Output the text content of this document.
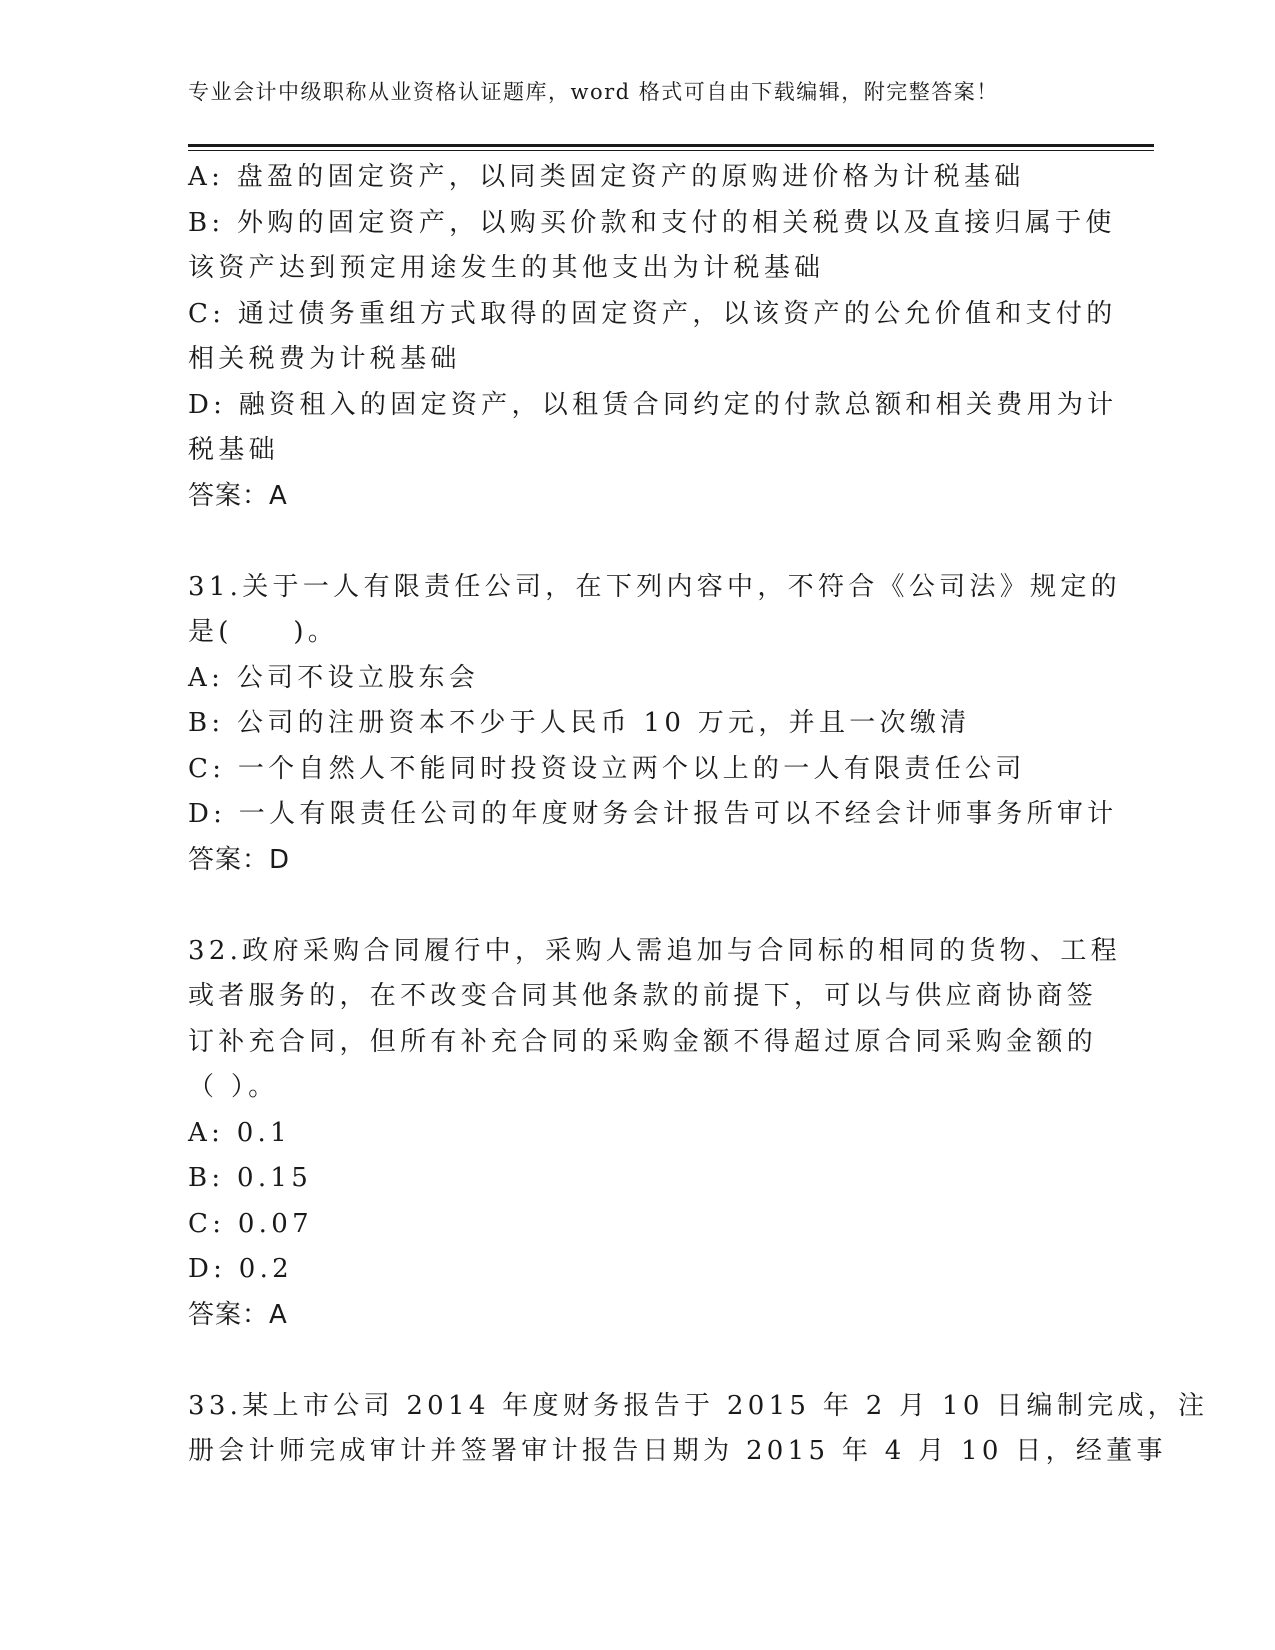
专业会计中级职称从业资格认证题库，word 格式可自由下载编辑，附完整答案！
A: 盘盈的固定资产，以同类固定资产的原购进价格为计税基础
B: 外购的固定资产，以购买价款和支付的相关税费以及直接归属于使
该资产达到预定用途发生的其他支出为计税基础
C: 通过债务重组方式取得的固定资产，以该资产的公允价值和支付的
相关税费为计税基础
D: 融资租入的固定资产，以租赁合同约定的付款总额和相关费用为计
税基础
答案：A
31.关于一人有限责任公司，在下列内容中，不符合《公司法》规定的
是(　　)。
A: 公司不设立股东会
B: 公司的注册资本不少于人民币 10 万元，并且一次缴清
C: 一个自然人不能同时投资设立两个以上的一人有限责任公司
D: 一人有限责任公司的年度财务会计报告可以不经会计师事务所审计
答案：D
32.政府采购合同履行中，采购人需追加与合同标的相同的货物、工程
或者服务的，在不改变合同其他条款的前提下，可以与供应商协商签
订补充合同，但所有补充合同的采购金额不得超过原合同采购金额的
（ ）。
A: 0.1
B: 0.15
C: 0.07
D: 0.2
答案：A
33.某上市公司 2014 年度财务报告于 2015 年 2 月 10 日编制完成，注
册会计师完成审计并签署审计报告日期为 2015 年 4 月 10 日，经董事
